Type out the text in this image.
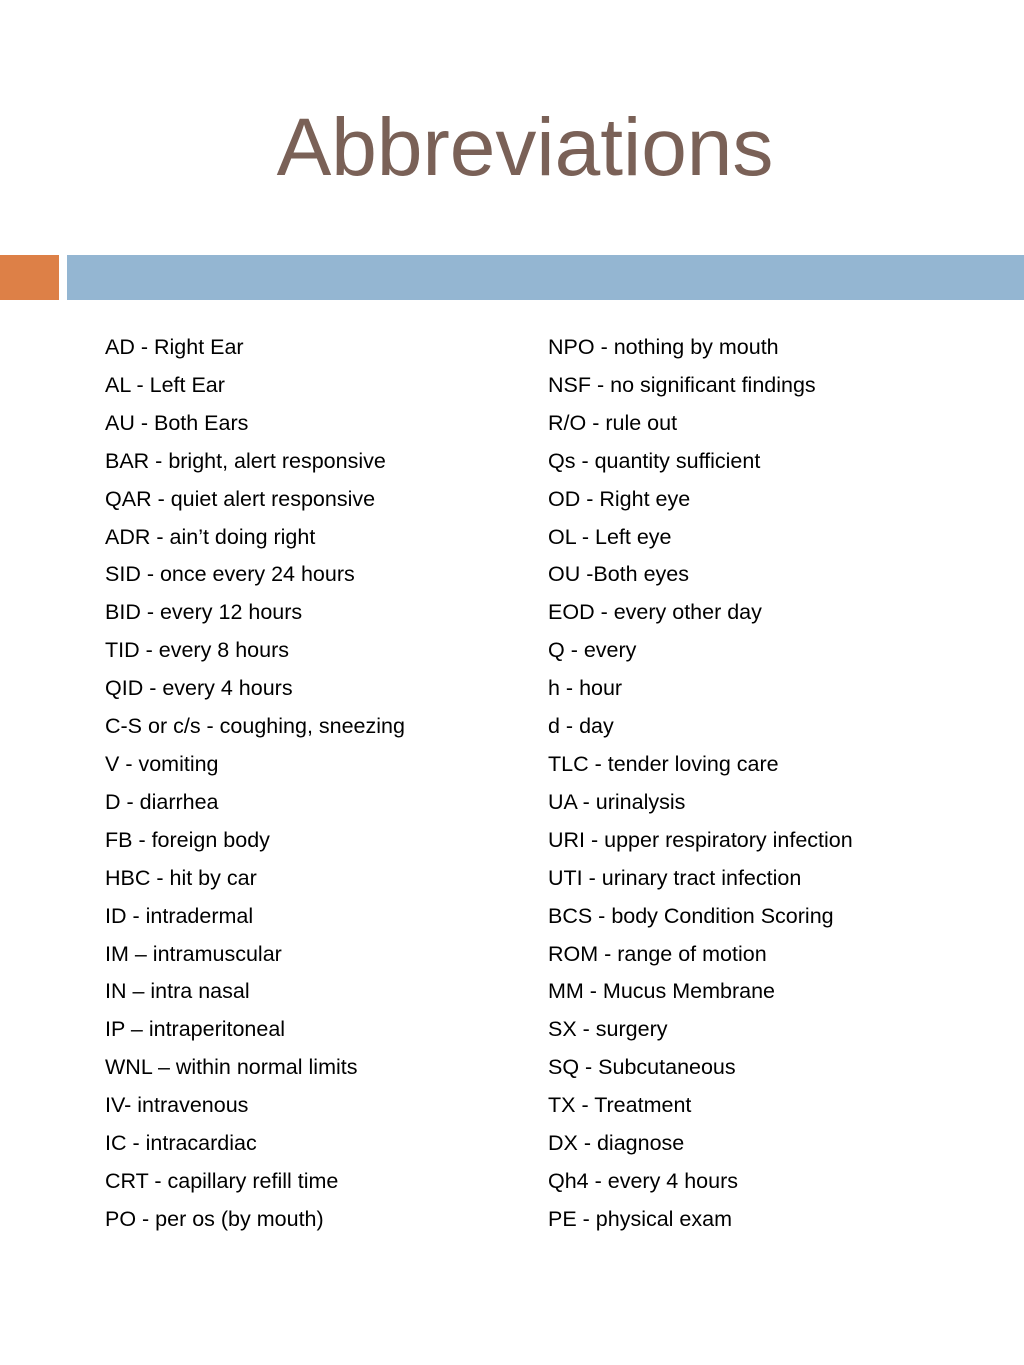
Abbreviations
AD - Right Ear
AL - Left Ear
AU - Both Ears
BAR - bright, alert responsive
QAR - quiet alert responsive
ADR - ain’t doing right
SID - once every 24 hours
BID - every 12 hours
TID - every 8 hours
QID - every 4 hours
C-S or c/s - coughing, sneezing
V - vomiting
D - diarrhea
FB - foreign body
HBC - hit by car
ID - intradermal
IM – intramuscular
IN – intra nasal
IP – intraperitoneal
WNL – within normal limits
IV- intravenous
IC - intracardiac
CRT - capillary refill time
PO - per os (by mouth)
NPO - nothing by mouth
NSF - no significant findings
R/O - rule out
Qs - quantity sufficient
OD - Right eye
OL - Left eye
OU -Both eyes
EOD - every other day
Q - every
h - hour
d - day
TLC - tender loving care
UA - urinalysis
URI - upper respiratory infection
UTI - urinary tract infection
BCS - body Condition Scoring
ROM - range of motion
MM - Mucus Membrane
SX - surgery
SQ - Subcutaneous
TX - Treatment
DX - diagnose
Qh4 - every 4 hours
PE - physical exam
